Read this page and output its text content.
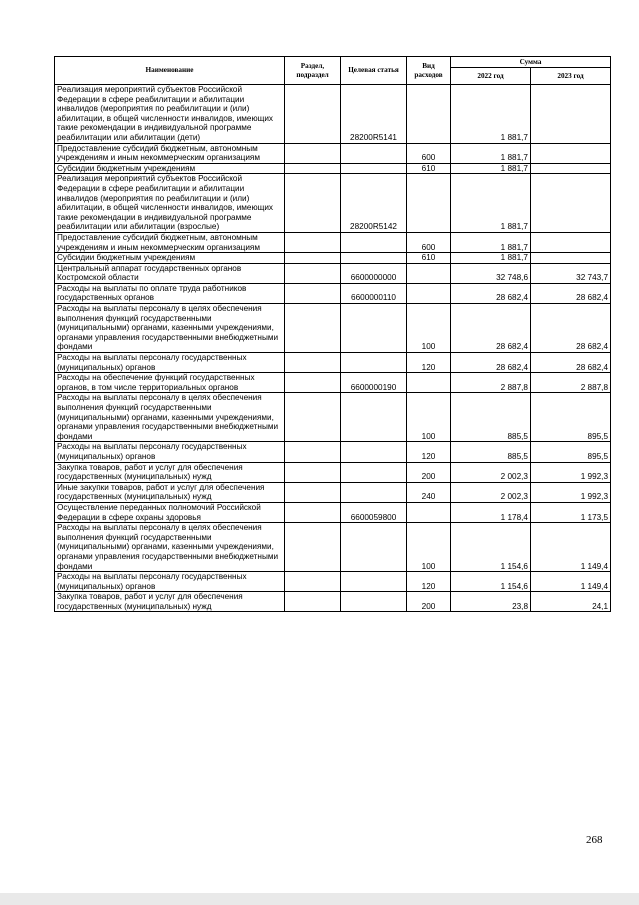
Наименование	Раздел, подраздел	Целевая статья	Вид расходов	Сумма	
				2022 год	2023 год
Реализация мероприятий субъектов Российской Федерации в сфере реабилитации и абилитации инвалидов (мероприятия по реабилитации и (или) абилитации, в общей численности инвалидов, имеющих такие рекомендации в индивидуальной программе реабилитации или абилитации (дети)		28200R5141		1 881,7	
Предоставление субсидий бюджетным, автономным учреждениям и иным некоммерческим организациям			600	1 881,7	
Субсидии бюджетным учреждениям			610	1 881,7	
Реализация мероприятий субъектов Российской Федерации в сфере реабилитации и абилитации инвалидов (мероприятия по реабилитации и (или) абилитации, в общей численности инвалидов, имеющих такие рекомендации в индивидуальной программе реабилитации или абилитации (взрослые)		28200R5142		1 881,7	
Предоставление субсидий бюджетным, автономным учреждениям и иным некоммерческим организациям			600	1 881,7	
Субсидии бюджетным учреждениям			610	1 881,7	
Центральный аппарат государственных органов Костромской области		6600000000		32 748,6	32 743,7
Расходы на выплаты по оплате труда работников государственных органов		6600000110		28 682,4	28 682,4
Расходы на выплаты персоналу в целях обеспечения выполнения функций государственными (муниципальными) органами, казенными учреждениями, органами управления государственными внебюджетными фондами			100	28 682,4	28 682,4
Расходы на выплаты персоналу государственных (муниципальных) органов			120	28 682,4	28 682,4
Расходы на обеспечение функций государственных органов, в том числе территориальных органов		6600000190		2 887,8	2 887,8
Расходы на выплаты персоналу в целях обеспечения выполнения функций государственными (муниципальными) органами, казенными учреждениями, органами управления государственными внебюджетными фондами			100	885,5	895,5
Расходы на выплаты персоналу государственных (муниципальных) органов			120	885,5	895,5
Закупка товаров, работ и услуг для обеспечения государственных (муниципальных) нужд			200	2 002,3	1 992,3
Иные закупки товаров, работ и услуг для обеспечения государственных (муниципальных) нужд			240	2 002,3	1 992,3
Осуществление переданных полномочий Российской Федерации в сфере охраны здоровья		6600059800		1 178,4	1 173,5
Расходы на выплаты персоналу в целях обеспечения выполнения функций государственными (муниципальными) органами, казенными учреждениями, органами управления государственными внебюджетными фондами			100	1 154,6	1 149,4
Расходы на выплаты персоналу государственных (муниципальных) органов			120	1 154,6	1 149,4
Закупка товаров, работ и услуг для обеспечения государственных (муниципальных) нужд			200	23,8	24,1
268
